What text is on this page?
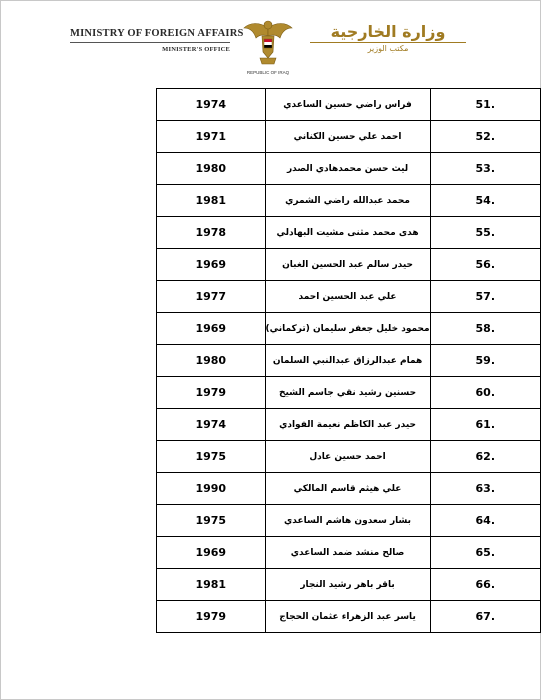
MINISTRY OF FOREIGN AFFAIRS
MINISTER'S OFFICE
REPUBLIC OF IRAQ
وزارة الخارجية
مكتب الوزير
1974	فراس راضي حسين الساعدي	51.
1971	احمد علي حسين الكناني	52.
1980	ليث حسن محمدهادي الصدر	53.
1981	محمد عبدالله راضي الشمري	54.
1978	هدى محمد مثنى مشيت البهادلي	55.
1969	حيدر سالم عبد الحسين الغبان	56.
1977	علي عبد الحسين احمد	57.
1969	محمود خليل جعفر سليمان (تركماني)	58.
1980	همام عبدالرزاق عبدالنبي السلمان	59.
1979	حسنين رشيد نقي جاسم الشيخ	60.
1974	حيدر عبد الكاظم نعيمة الفوادي	61.
1975	احمد حسين عادل	62.
1990	علي هيثم قاسم المالكي	63.
1975	بشار سعدون هاشم الساعدي	64.
1969	صالح منشد ضمد الساعدي	65.
1981	باقر باهر رشيد النجار	66.
1979	ياسر عبد الزهراء عثمان الحجاج	67.
